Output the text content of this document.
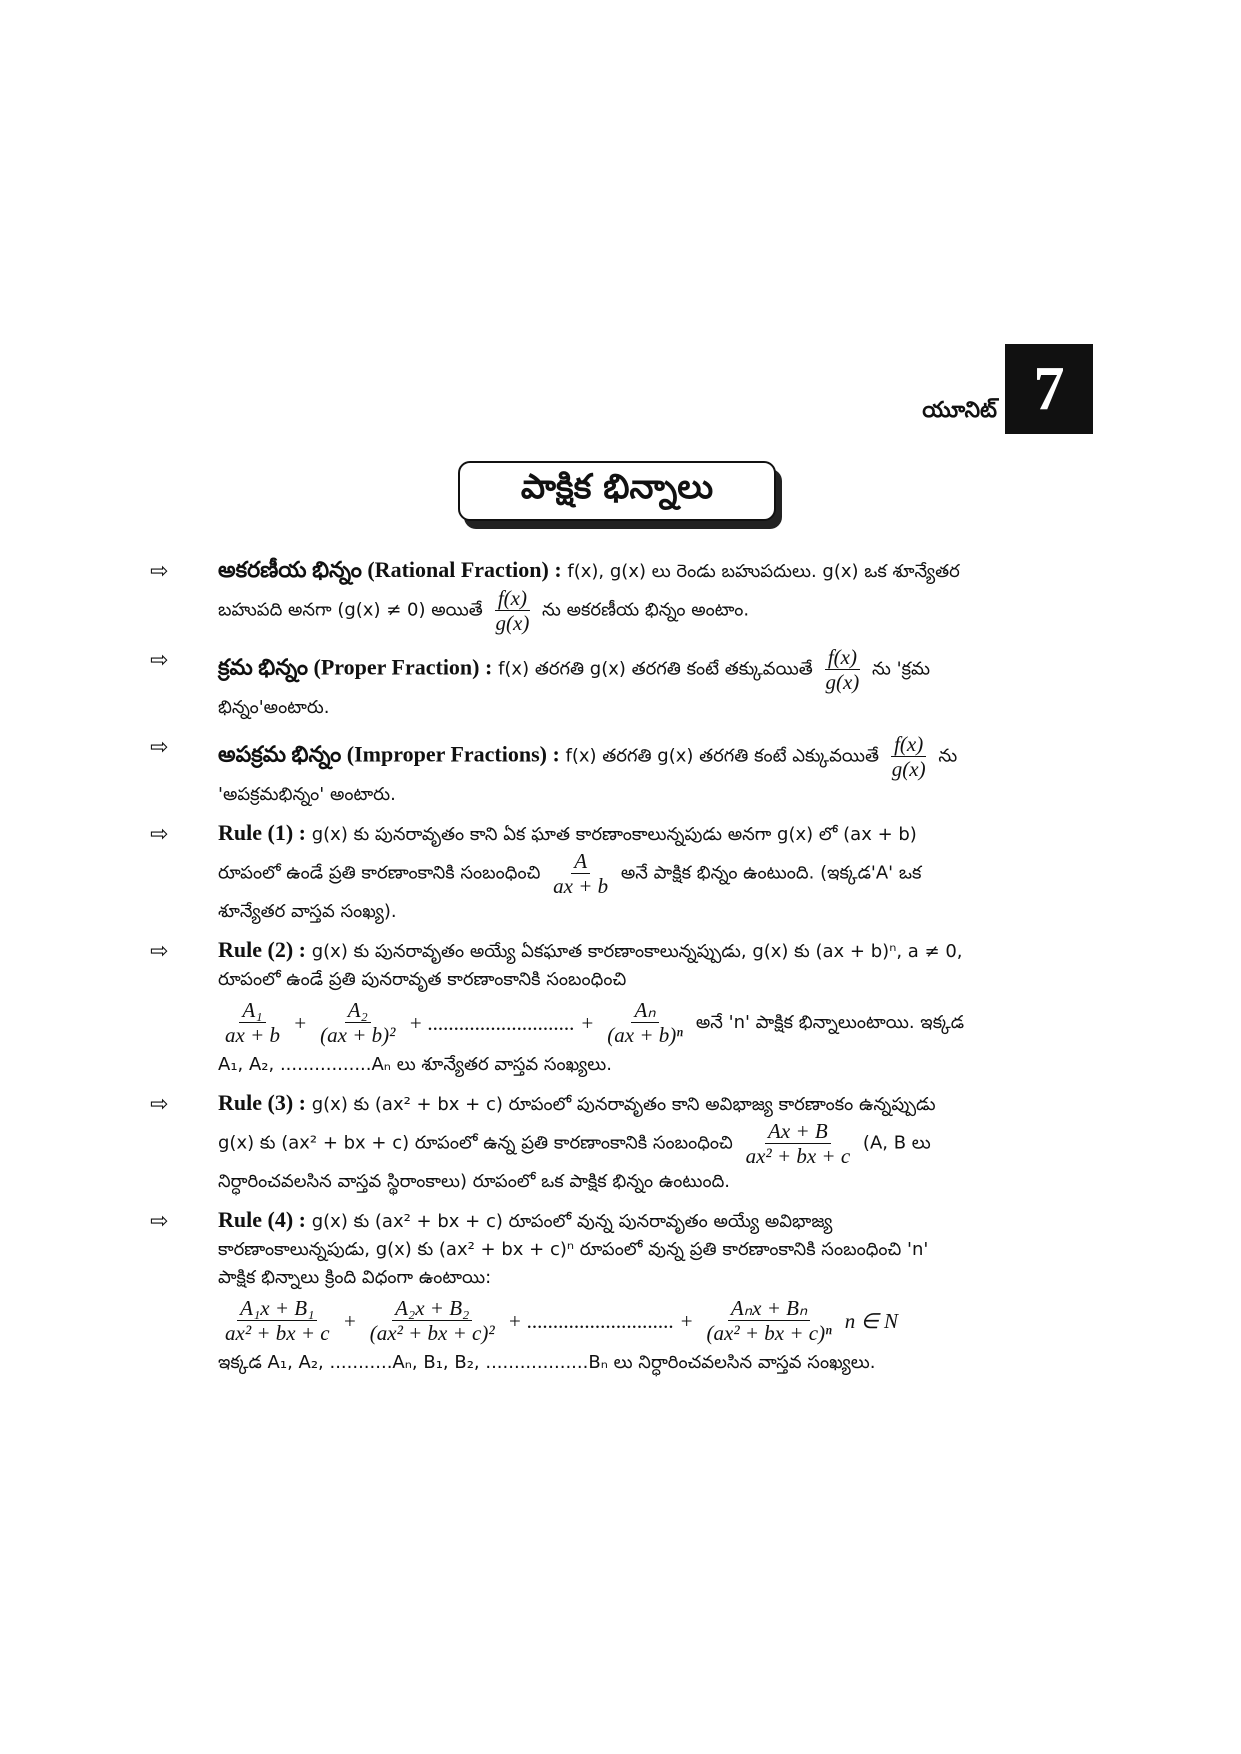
యూనిట్ 7
పాక్షిక భిన్నాలు
⇨ అకరణీయ భిన్నం (Rational Fraction) : f(x), g(x) లు రెండు బహుపదులు. g(x) ఒక శూన్యేతర
బహుపది అనగా (g(x) ≠ 0) అయితే $\frac{f(x)}{g(x)}$ ను అకరణీయ భిన్నం అంటాం.
⇨ క్రమ భిన్నం (Proper Fraction) : f(x) తరగతి g(x) తరగతి కంటే తక్కువయితే $\frac{f(x)}{g(x)}$ ను 'క్రమ
భిన్నం'అంటారు.
⇨ అపక్రమ భిన్నం (Improper Fractions) : f(x) తరగతి g(x) తరగతి కంటే ఎక్కువయితే $\frac{f(x)}{g(x)}$ ను
'అపక్రమభిన్నం' అంటారు.
⇨ Rule (1) : g(x) కు పునరావృతం కాని ఏక ఘాత కారణాంకాలున్నపుడు అనగా g(x) లో (ax + b)
రూపంలో ఉండే ప్రతి కారణాంకానికి సంబంధించి $\frac{A}{ax + b}$ అనే పాక్షిక భిన్నం ఉంటుంది. (ఇక్కడ'A' ఒక
శూన్యేతర వాస్తవ సంఖ్య).
⇨ Rule (2) : g(x) కు పునరావృతం అయ్యే ఏకఘాత కారణాంకాలున్నప్పుడు, g(x) కు (ax + b)ⁿ, a ≠ 0,
రూపంలో ఉండే ప్రతి పునరావృత కారణాంకానికి సంబంధించి
$\frac{\text{A₁}}{ax + b} + \frac{\text{A₂}}{\text{(ax + b)²}}$ + ............................ + $\frac{\text{Aₙ}}{\text{(ax + b)ⁿ}}$ అనే 'n' పాక్షిక భిన్నాలుంటాయి. ఇక్కడ
A₁, A₂, ................Aₙ లు శూన్యేతర వాస్తవ సంఖ్యలు.
⇨ Rule (3) : g(x) కు (ax² + bx + c) రూపంలో పునరావృతం కాని అవిభాజ్య కారణాంకం ఉన్నప్పుడు
g(x) కు (ax² + bx + c) రూపంలో ఉన్న ప్రతి కారణాంకానికి సంబంధించి $\frac{Ax + B}{\text{ax² + bx + c}} (A$, B లు
నిర్ధారించవలసిన వాస్తవ స్థిరాంకాలు) రూపంలో ఒక పాక్షిక భిన్నం ఉంటుంది.
⇨ Rule (4) : g(x) కు (ax² + bx + c) రూపంలో వున్న పునరావృతం అయ్యే అవిభాజ్య
కారణాంకాలున్నపుడు, g(x) కు (ax² + bx + c)ⁿ రూపంలో వున్న ప్రతి కారణాంకానికి సంబంధించి 'n'
పాక్షిక భిన్నాలు క్రింది విధంగా ఉంటాయి:
$\frac{\text{A₁x + B₁}}{\text{ax² + bx + c}} + \frac{\text{A₂x + B₂}}{\text{(ax² + bx + c)²}}$ + ............................ + $\frac{\text{Aₙx + Bₙ}}{\text{(ax² + bx + c)ⁿ}}$ n ∈ N
ఇక్కడ A₁, A₂, ...........Aₙ, B₁, B₂, ..................Bₙ లు నిర్ధారించవలసిన వాస్తవ సంఖ్యలు.
